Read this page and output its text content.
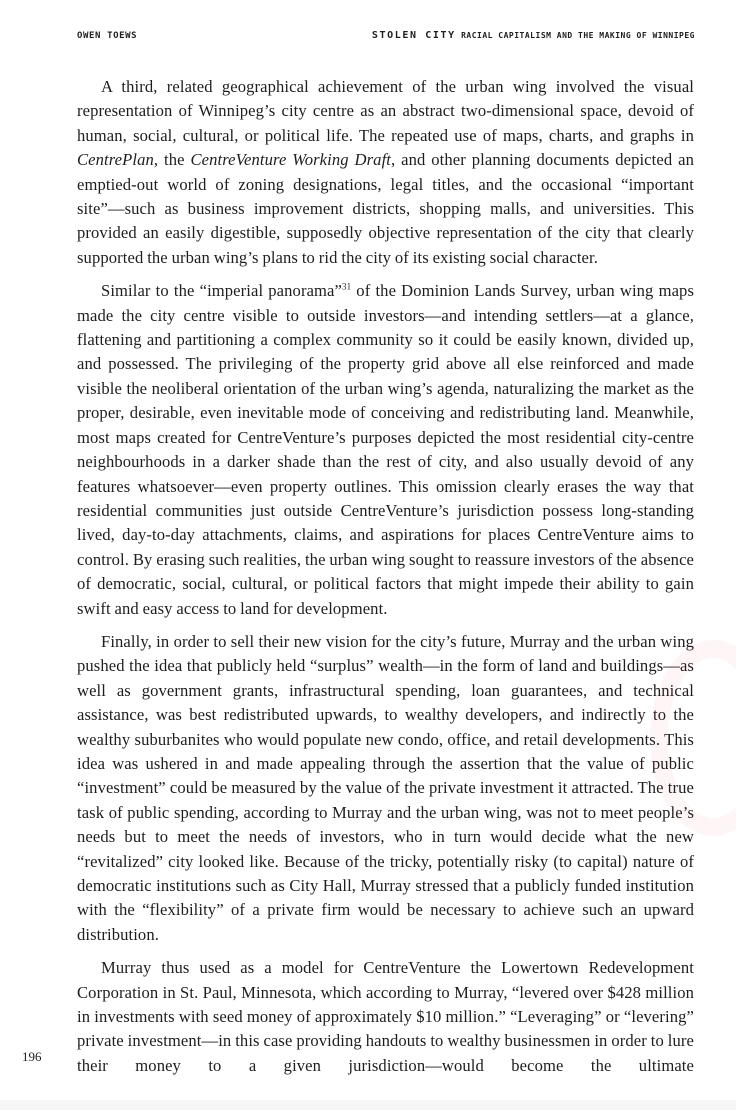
OWEN TOEWS	STOLEN CITY RACIAL CAPITALISM AND THE MAKING OF WINNIPEG

A third, related geographical achievement of the urban wing involved the visual representation of Winnipeg’s city centre as an abstract two-dimensional space, devoid of human, social, cultural, or political life. The repeated use of maps, charts, and graphs in CentrePlan, the CentreVenture Working Draft, and other planning documents depicted an emptied-out world of zoning designations, legal titles, and the occasional “important site”—such as business improvement districts, shopping malls, and universities. This provided an easily digestible, supposedly objective representation of the city that clearly supported the urban wing’s plans to rid the city of its existing social character.

Similar to the “imperial panorama”$^{31}$ of the Dominion Lands Survey, urban wing maps made the city centre visible to outside investors—and intending settlers—at a glance, flattening and partitioning a complex community so it could be easily known, divided up, and possessed. The privileging of the property grid above all else reinforced and made visible the neoliberal orientation of the urban wing’s agenda, naturalizing the market as the proper, desirable, even inevitable mode of conceiving and redistributing land. Meanwhile, most maps created for CentreVenture’s purposes depicted the most residential city-centre neighbourhoods in a darker shade than the rest of city, and also usually devoid of any features whatsoever—even property outlines. This omission clearly erases the way that residential communities just outside CentreVenture’s jurisdiction possess long-standing lived, day-to-day attachments, claims, and aspirations for places CentreVenture aims to control. By erasing such realities, the urban wing sought to reassure investors of the absence of democratic, social, cultural, or political factors that might impede their ability to gain swift and easy access to land for development.

Finally, in order to sell their new vision for the city’s future, Murray and the urban wing pushed the idea that publicly held “surplus” wealth—in the form of land and buildings—as well as government grants, infrastructural spending, loan guarantees, and technical assistance, was best redistributed upwards, to wealthy developers, and indirectly to the wealthy suburbanites who would populate new condo, office, and retail developments. This idea was ushered in and made appealing through the assertion that the value of public “investment” could be measured by the value of the private investment it attracted. The true task of public spending, according to Murray and the urban wing, was not to meet people’s needs but to meet the needs of investors, who in turn would decide what the new “revitalized” city looked like. Because of the tricky, potentially risky (to capital) nature of democratic institutions such as City Hall, Murray stressed that a publicly funded institution with the “flexibility” of a private firm would be necessary to achieve such an upward distribution.

Murray thus used as a model for CentreVenture the Lowertown Redevelopment Corporation in St. Paul, Minnesota, which according to Murray, “levered over $428 million in investments with seed money of approximately $10 million.” “Leveraging” or “levering” private investment—in this case providing handouts to wealthy businessmen in order to lure their money to a given jurisdiction—would become the ultimate

196
